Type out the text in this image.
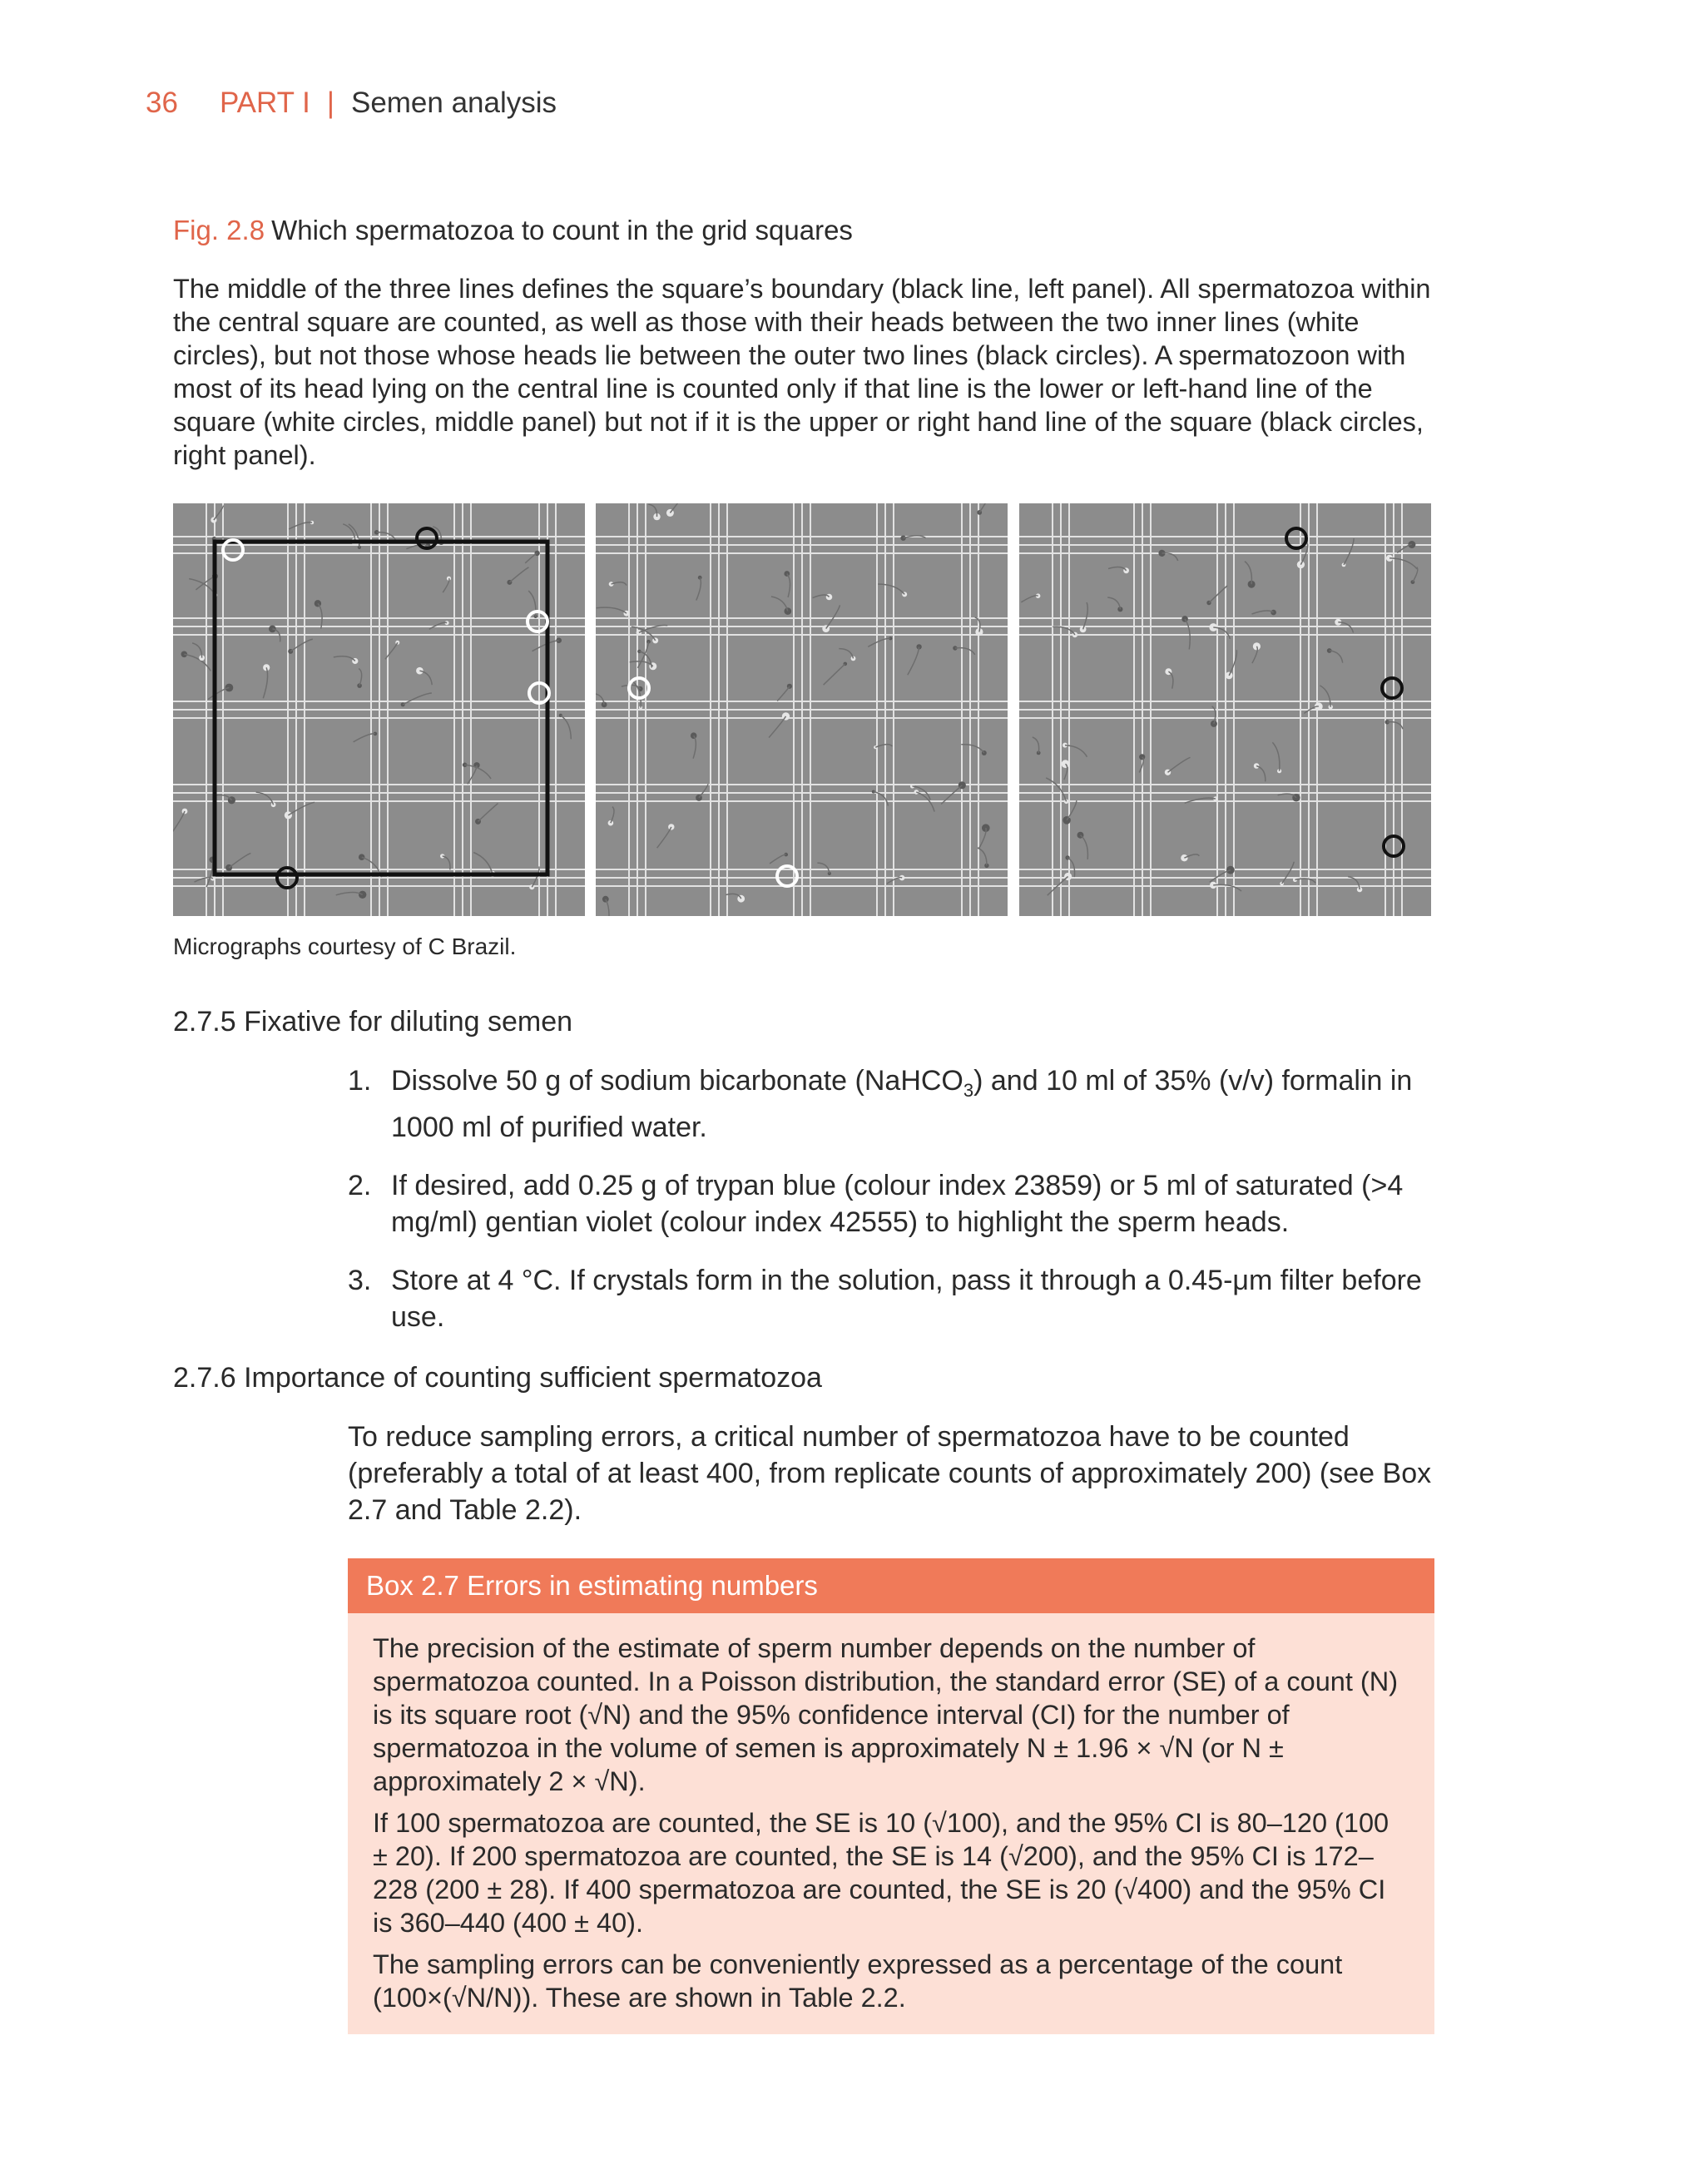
36 PART I | Semen analysis
Fig. 2.8 Which spermatozoa to count in the grid squares
The middle of the three lines defines the square’s boundary (black line, left panel). All spermatozoa within the central square are counted, as well as those with their heads between the two inner lines (white circles), but not those whose heads lie between the outer two lines (black circles). A spermatozoon with most of its head lying on the central line is counted only if that line is the lower or left-hand line of the square (white circles, middle panel) but not if it is the upper or right hand line of the square (black circles, right panel).
Micrographs courtesy of C Brazil.
2.7.5 Fixative for diluting semen
1. Dissolve 50 g of sodium bicarbonate (NaHCO$_3$) and 10 ml of 35% (v/v) formalin in 1000 ml of purified water.
2. If desired, add 0.25 g of trypan blue (colour index 23859) or 5 ml of saturated (>4 mg/ml) gentian violet (colour index 42555) to highlight the sperm heads.
3. Store at 4 °C. If crystals form in the solution, pass it through a 0.45-μm filter before use.
2.7.6 Importance of counting sufficient spermatozoa
To reduce sampling errors, a critical number of spermatozoa have to be counted (preferably a total of at least 400, from replicate counts of approximately 200) (see Box 2.7 and Table 2.2).
Box 2.7 Errors in estimating numbers

The precision of the estimate of sperm number depends on the number of spermatozoa counted. In a Poisson distribution, the standard error (SE) of a count (N) is its square root (√N) and the 95% confidence interval (CI) for the number of spermatozoa in the volume of semen is approximately N ± 1.96 × √N (or N ± approximately 2 × √N).

If 100 spermatozoa are counted, the SE is 10 (√100), and the 95% CI is 80–120 (100 ± 20). If 200 spermatozoa are counted, the SE is 14 (√200), and the 95% CI is 172–228 (200 ± 28). If 400 spermatozoa are counted, the SE is 20 (√400) and the 95% CI is 360–440 (400 ± 40).

The sampling errors can be conveniently expressed as a percentage of the count (100×(√N/N)). These are shown in Table 2.2.
